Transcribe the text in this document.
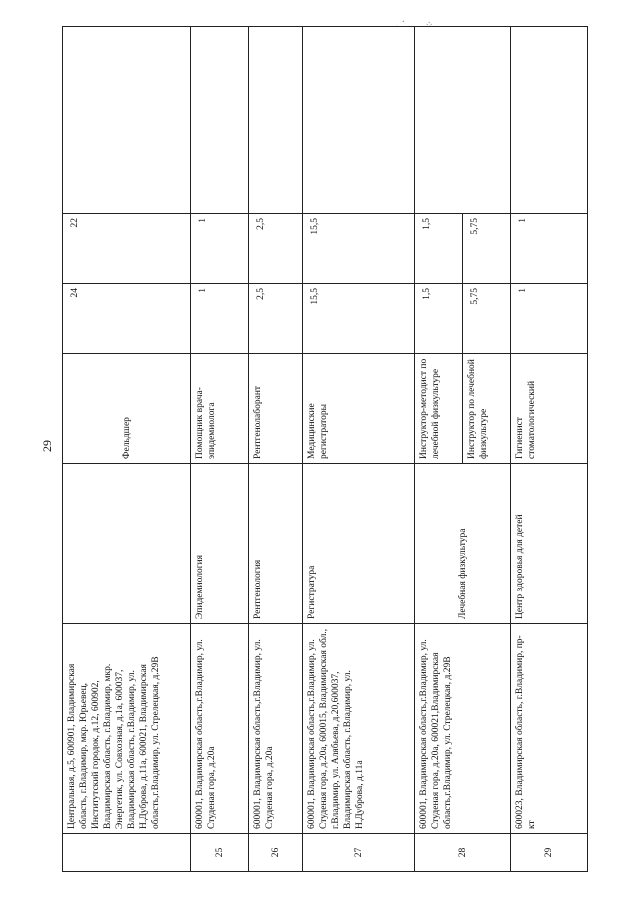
29
·
.
⁘
	Центральная, д.5, 600901, Владимирская область, г.Владимир, мкр. Юрьевец, Институтский городок, д.12, 600902, Владимирская область, г.Владимир, мкр. Энергетик, ул. Совхозная, д.1а, 600037, Владимирская область, г.Владимир, ул. Н.Дуброва, д.11а, 600021, Владимирская область,г.Владимир, ул. Стрелецкая, д.29В		Фельдшер	24	22	
25	600001, Владимирская область,г.Владимир, ул. Студеная гора, д.20а	Эпидемиология	Помощник врача-эпидемиолога	1	1	
26	600001, Владимирская область,г.Владимир, ул. Студеная гора, д.20а	Рентгенология	Рентгенолаборант	2,5	2,5	
27	600001, Владимирская область,г.Владимир, ул. Студеная гора, д.20а, 600015, Владимирская обл., г.Владимир, ул. Алябьева, д.20,600037, Владимирская область, г.Владимир, ул. Н.Дуброва, д.11а	Регистратура	Медицинские регистраторы	15,5	15,5	
28	600001, Владимирская область,г.Владимир, ул. Студеная гора, д.20а, 600021,Владимирская область,г.Владимир, ул. Стрелецкая, д.29В	Лечебная физкультура	Инструктор-методист по лечебной физкультуре	1,5	1,5	
			Инструктор по лечебной физкультуре	5,75	5,75	
29	600023, Владимирская область, г.Владимир, пр-кт	Центр здоровья для детей	Гигиенист стоматологический	1	1	
